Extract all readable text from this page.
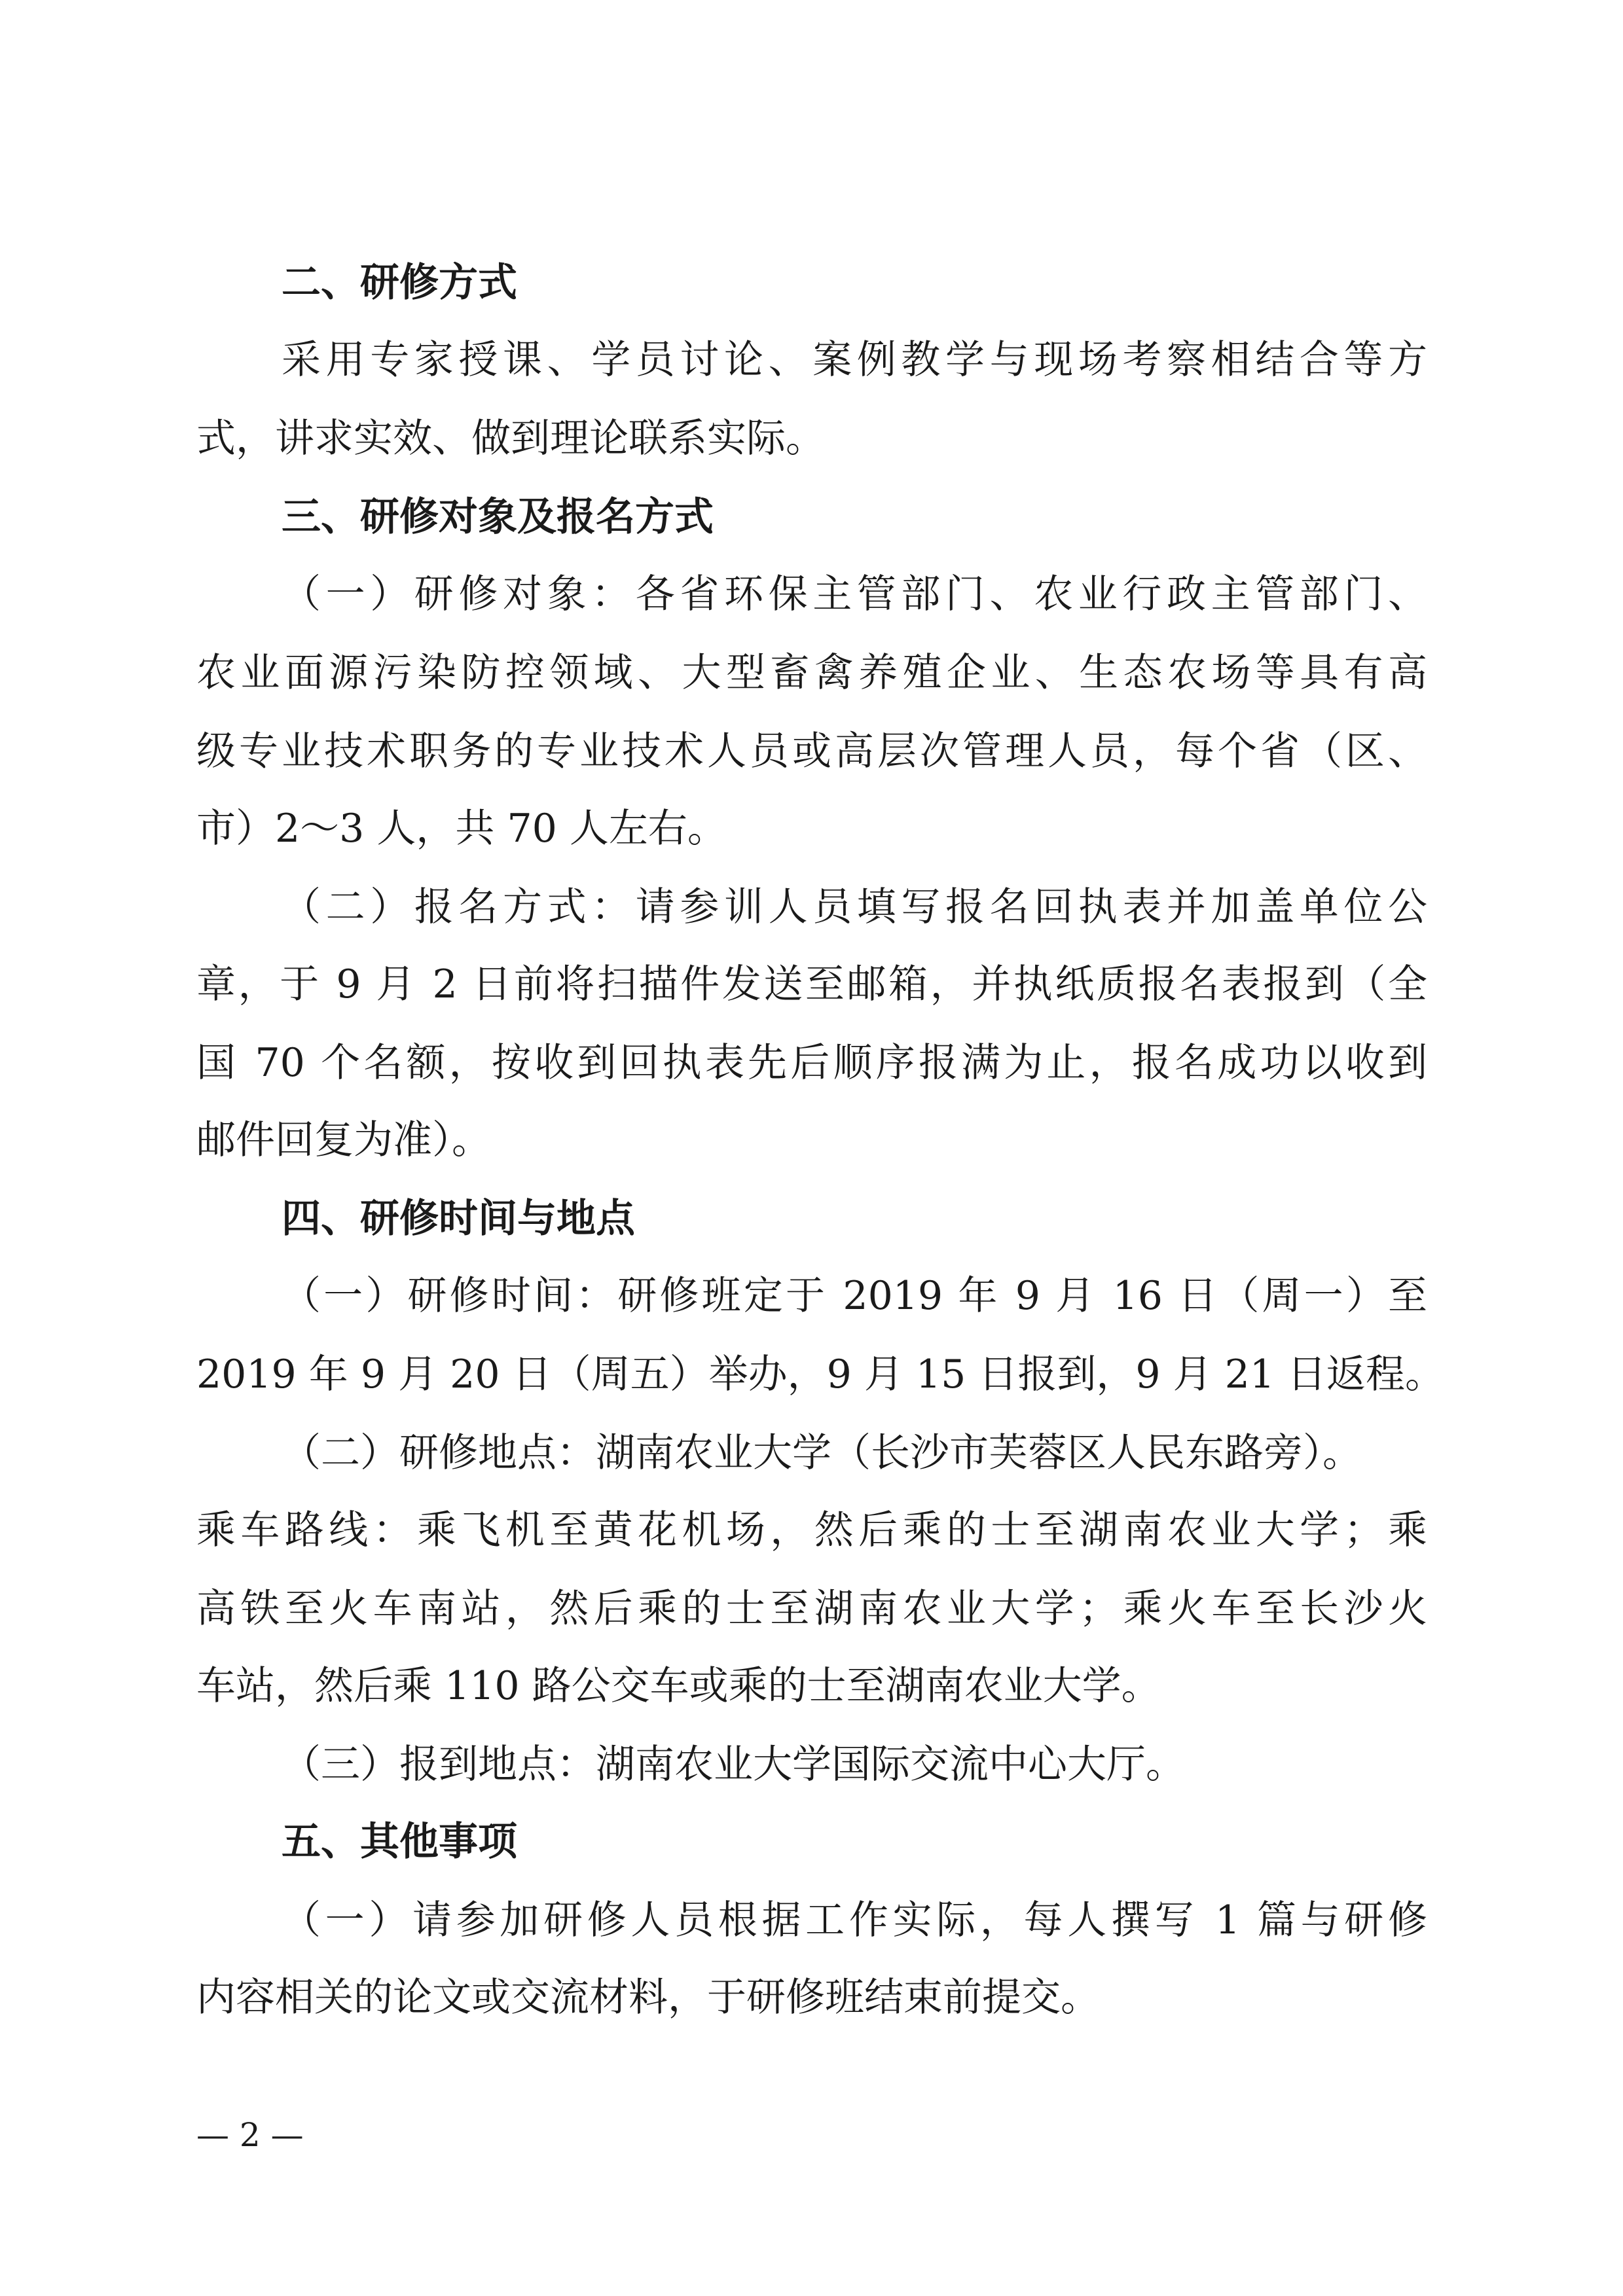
二、研修方式
采用专家授课、学员讨论、案例教学与现场考察相结合等方
式，讲求实效、做到理论联系实际。
三、研修对象及报名方式
（一）研修对象：各省环保主管部门、农业行政主管部门、
农业面源污染防控领域、大型畜禽养殖企业、生态农场等具有高
级专业技术职务的专业技术人员或高层次管理人员，每个省（区、
市）2～3 人，共 70 人左右。
（二）报名方式：请参训人员填写报名回执表并加盖单位公
章，于 9 月 2 日前将扫描件发送至邮箱，并执纸质报名表报到（全
国 70 个名额，按收到回执表先后顺序报满为止，报名成功以收到
邮件回复为准）。
四、研修时间与地点
（一）研修时间：研修班定于 2019 年 9 月 16 日（周一）至
2019 年 9 月 20 日（周五）举办，9 月 15 日报到，9 月 21 日返程。
（二）研修地点：湖南农业大学（长沙市芙蓉区人民东路旁）。
乘车路线：乘飞机至黄花机场，然后乘的士至湖南农业大学；乘
高铁至火车南站，然后乘的士至湖南农业大学；乘火车至长沙火
车站，然后乘 110 路公交车或乘的士至湖南农业大学。
（三）报到地点：湖南农业大学国际交流中心大厅。
五、其他事项
（一）请参加研修人员根据工作实际，每人撰写 1 篇与研修
内容相关的论文或交流材料，于研修班结束前提交。
— 2 —
